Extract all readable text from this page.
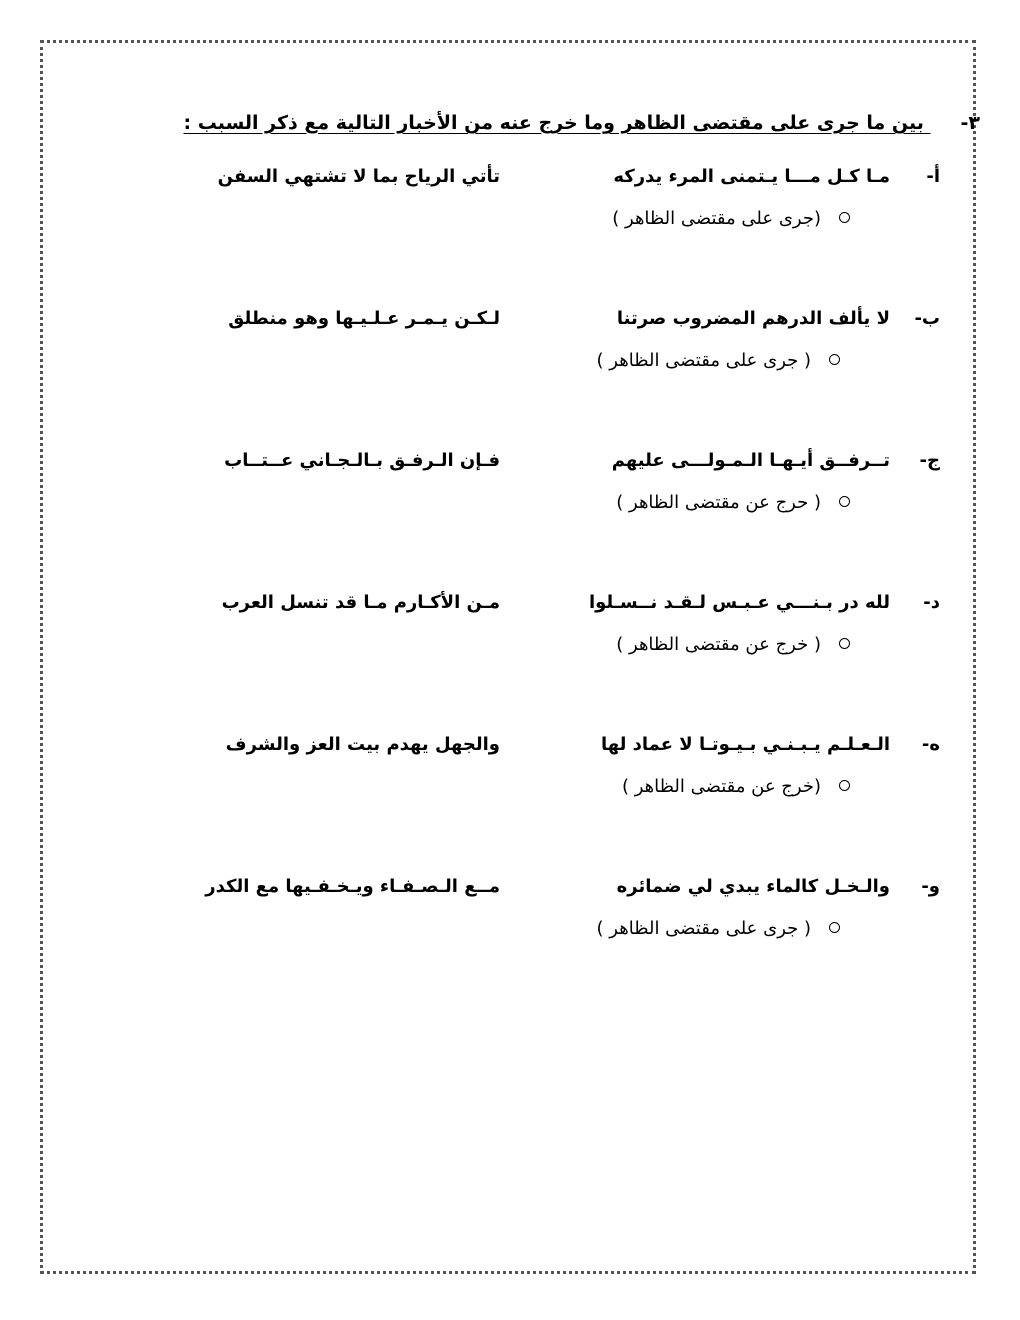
٣- بين ما جرى على مقتضى الظاهر وما خرج عنه من الأخبار التالية مع ذكر السبب :
أ-
مـا كـل مـــا يـتمنى المرء يدركه
تأتي الرياح بما لا تشتهي السفن
(جرى على مقتضى الظاهر )
ب-
لا يألف الدرهم المضروب صرتنا
لـكـن يـمـر عـلـيـها وهو منطلق
( جرى على مقتضى الظاهر )
ج-
تــرفــق أيـهـا الـمـولـــى عليهم
فـإن الـرفـق بـالـجـاني عــتــاب
( حرج عن مقتضى الظاهر )
د-
لله در بـنـــي عـبـس لـقـد نــسـلوا
مـن الأكـارم مـا قد تنسل العرب
( خرج عن مقتضى الظاهر )
ه-
الـعـلـم يـبـنـي بـيـوتـا لا عماد لها
والجهل يهدم بيت العز والشرف
(خرج عن مقتضى الظاهر )
و-
والـخـل كالماء يبدي لي ضمائره
مــع الـصـفـاء ويـخـفـيها مع الكدر
( جرى على مقتضى الظاهر )
